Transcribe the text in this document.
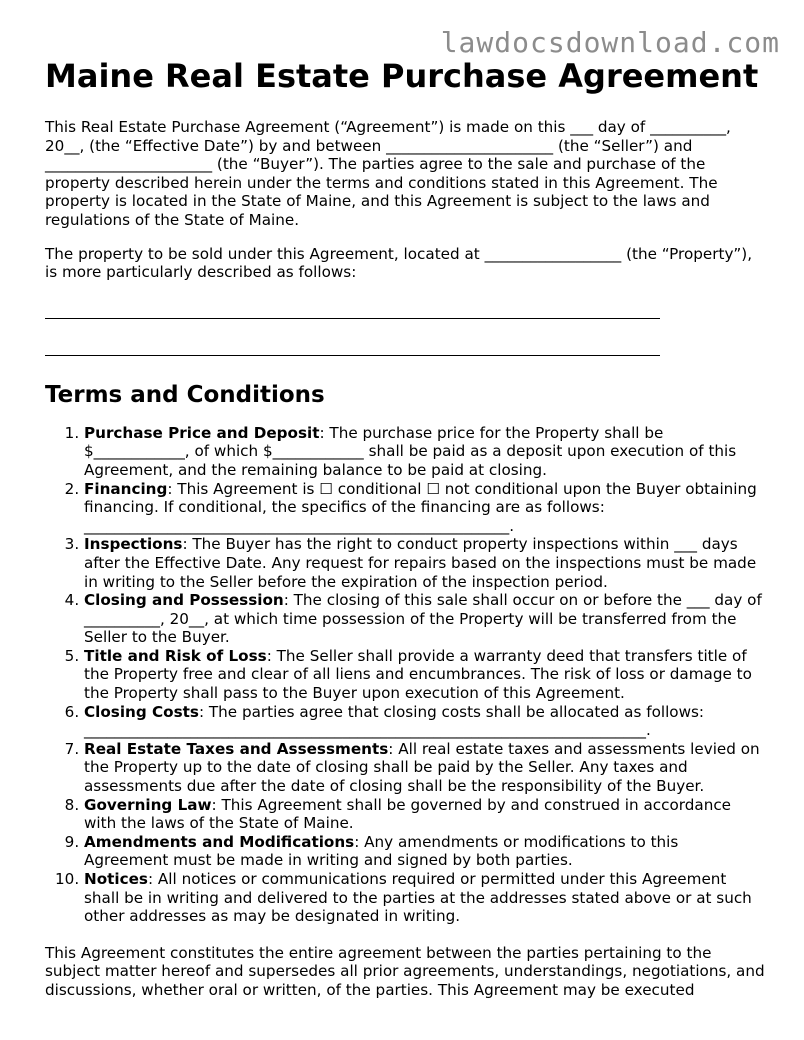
lawdocsdownload.com
Maine Real Estate Purchase Agreement

This Real Estate Purchase Agreement (“Agreement”) is made on this ___ day of __________, 20__, (the “Effective Date”) by and between ______________________ (the “Seller”) and ______________________ (the “Buyer”). The parties agree to the sale and purchase of the property described herein under the terms and conditions stated in this Agreement. The property is located in the State of Maine, and this Agreement is subject to the laws and regulations of the State of Maine.

The property to be sold under this Agreement, located at __________________ (the “Property”), is more particularly described as follows:

Terms and Conditions
1. Purchase Price and Deposit: The purchase price for the Property shall be $____________, of which $____________ shall be paid as a deposit upon execution of this Agreement, and the remaining balance to be paid at closing.
2. Financing: This Agreement is ☐ conditional ☐ not conditional upon the Buyer obtaining financing. If conditional, the specifics of the financing are as follows: ________________________________________________________.
3. Inspections: The Buyer has the right to conduct property inspections within ___ days after the Effective Date. Any request for repairs based on the inspections must be made in writing to the Seller before the expiration of the inspection period.
4. Closing and Possession: The closing of this sale shall occur on or before the ___ day of __________, 20__, at which time possession of the Property will be transferred from the Seller to the Buyer.
5. Title and Risk of Loss: The Seller shall provide a warranty deed that transfers title of the Property free and clear of all liens and encumbrances. The risk of loss or damage to the Property shall pass to the Buyer upon execution of this Agreement.
6. Closing Costs: The parties agree that closing costs shall be allocated as follows: __________________________________________________________________________.
7. Real Estate Taxes and Assessments: All real estate taxes and assessments levied on the Property up to the date of closing shall be paid by the Seller. Any taxes and assessments due after the date of closing shall be the responsibility of the Buyer.
8. Governing Law: This Agreement shall be governed by and construed in accordance with the laws of the State of Maine.
9. Amendments and Modifications: Any amendments or modifications to this Agreement must be made in writing and signed by both parties.
10. Notices: All notices or communications required or permitted under this Agreement shall be in writing and delivered to the parties at the addresses stated above or at such other addresses as may be designated in writing.

This Agreement constitutes the entire agreement between the parties pertaining to the subject matter hereof and supersedes all prior agreements, understandings, negotiations, and discussions, whether oral or written, of the parties. This Agreement may be executed
